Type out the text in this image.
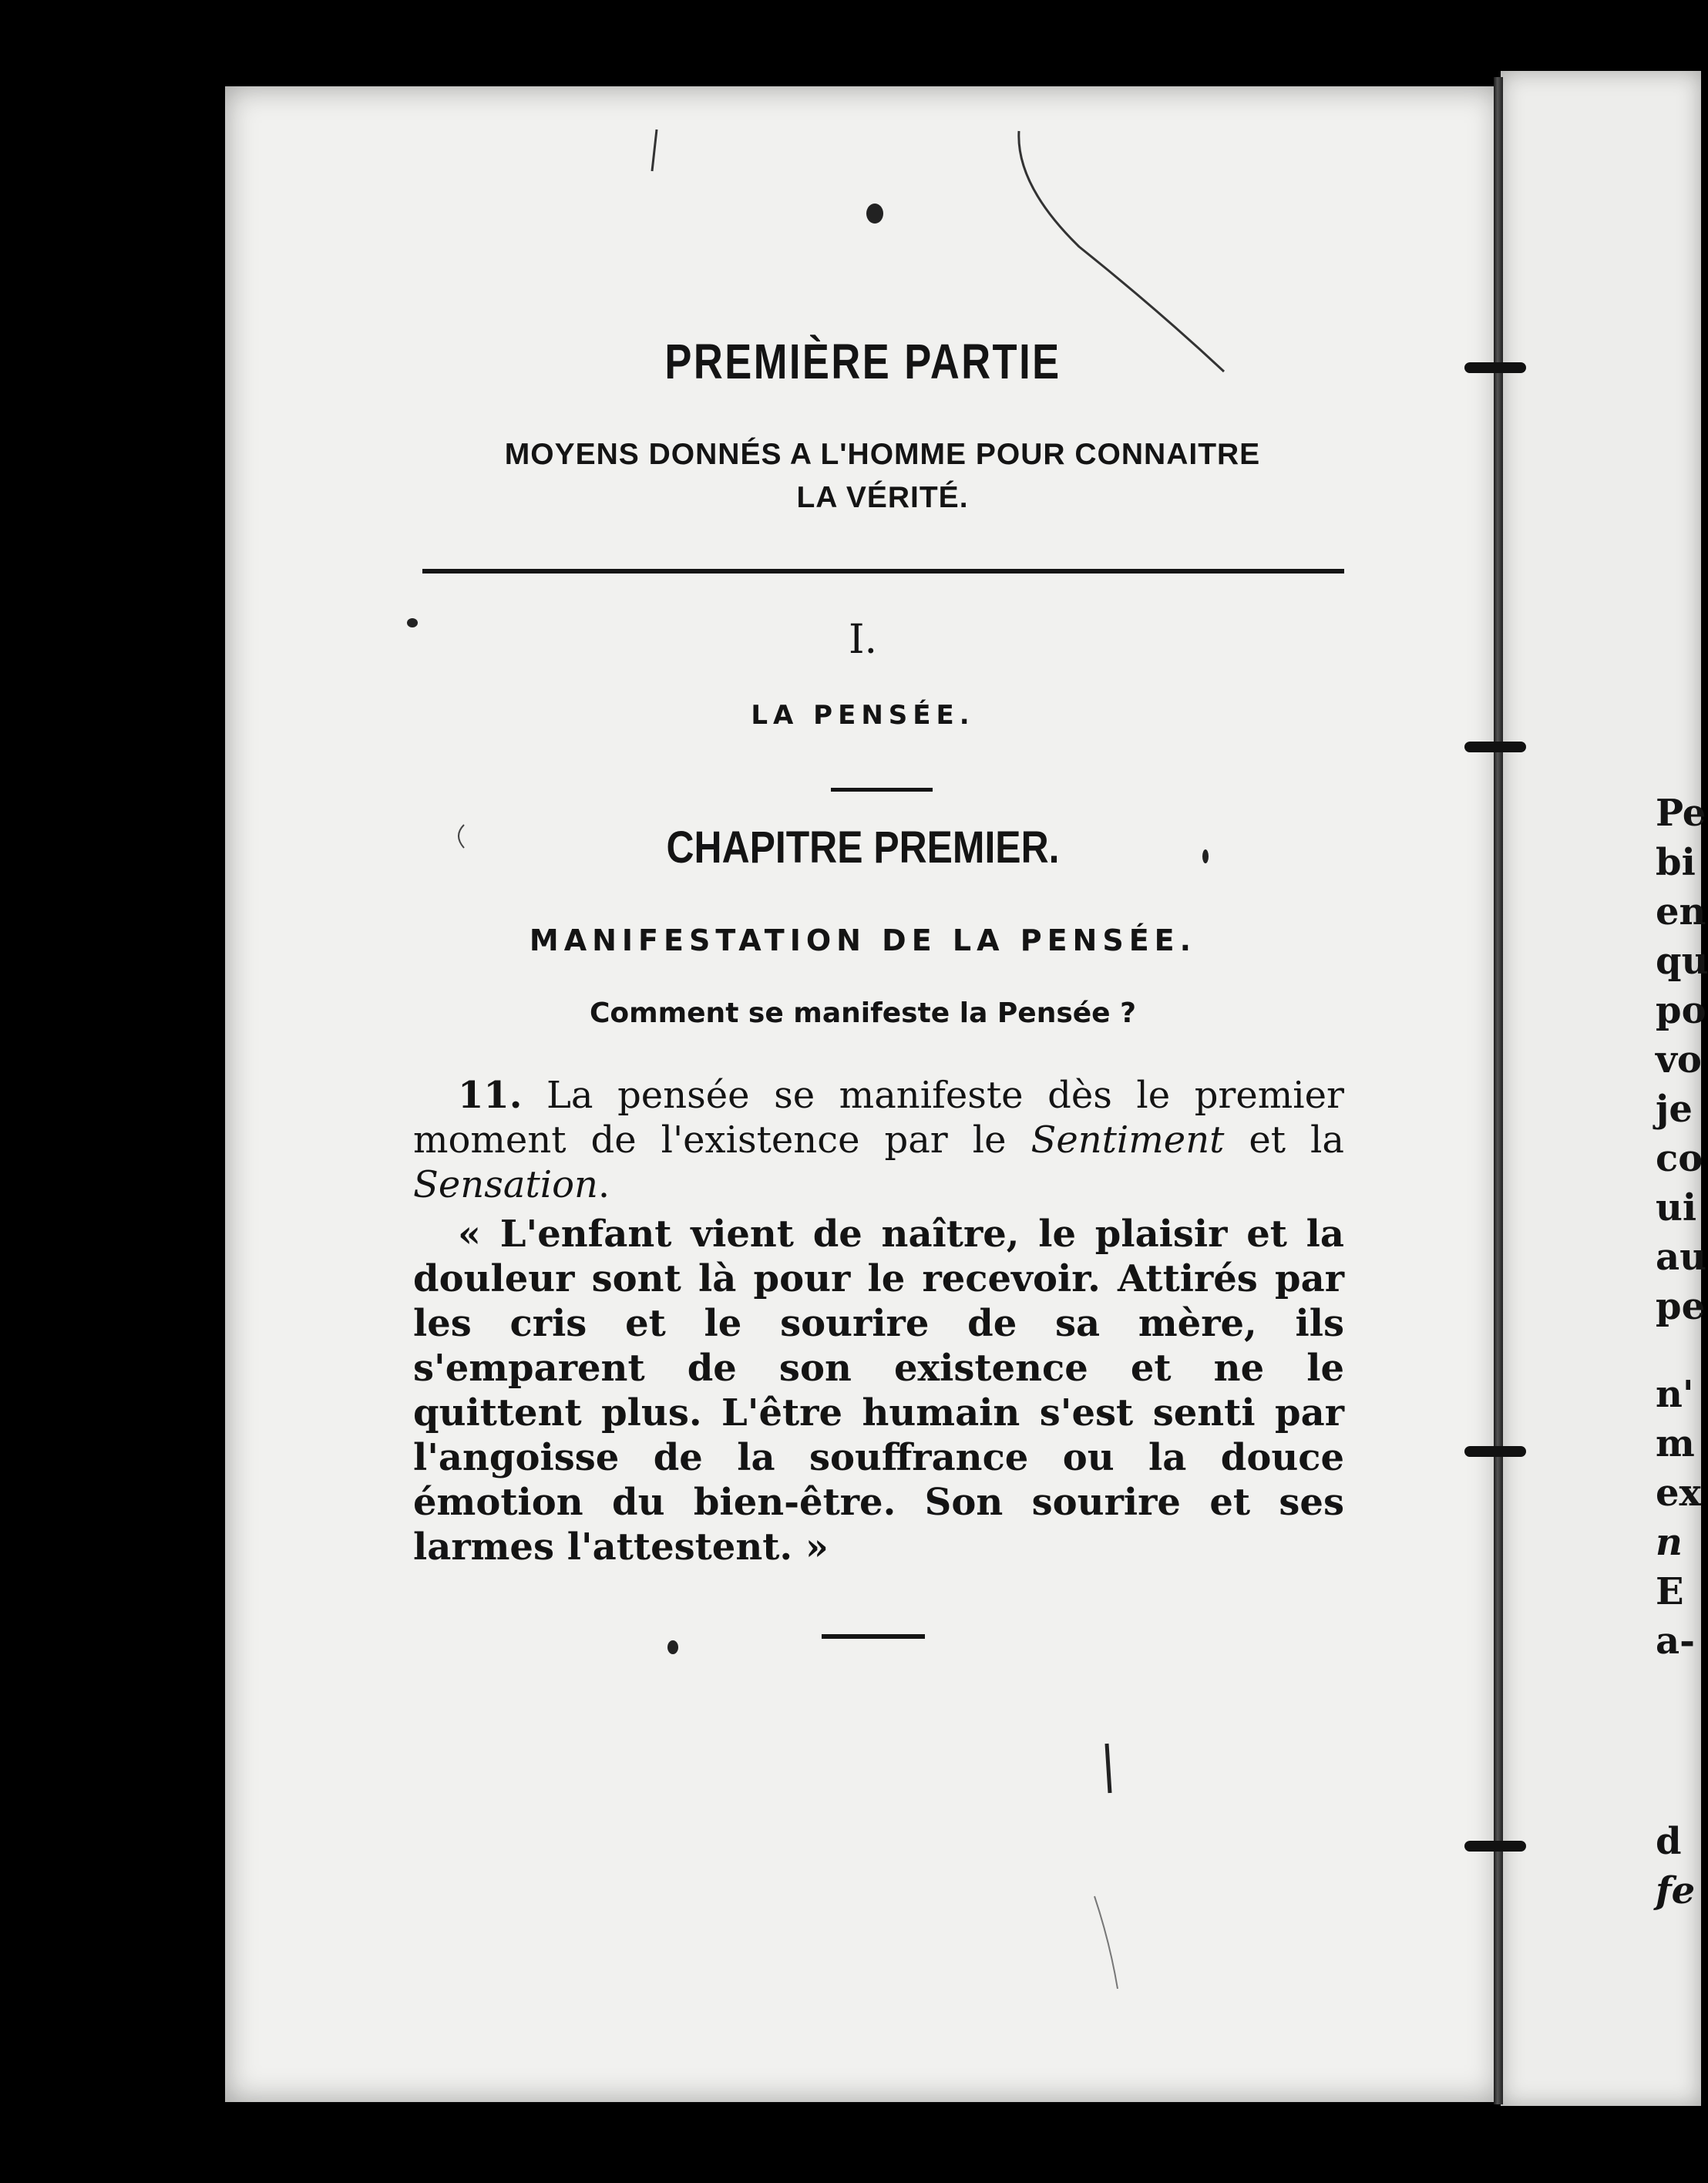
PREMIÈRE PARTIE
MOYENS DONNÉS A L'HOMME POUR CONNAITRE
LA VÉRITÉ.
I.
LA PENSÉE.
CHAPITRE PREMIER.
MANIFESTATION DE LA PENSÉE.
Comment se manifeste la Pensée ?
11. La pensée se manifeste dès le premier moment de l'existence par le Sentiment et la Sensation.
« L'enfant vient de naître, le plaisir et la douleur sont là pour le recevoir. Attirés par les cris et le sourire de sa mère, ils s'emparent de son existence et ne le quittent plus. L'être humain s'est senti par l'angoisse de la souffrance ou la douce émotion du bien-être. Son sourire et ses larmes l'attestent. »
Pe
bi
en
qu
po
vo
je
co
ui
au
pe
n'
m
ex
n
E
a-
d
fe
